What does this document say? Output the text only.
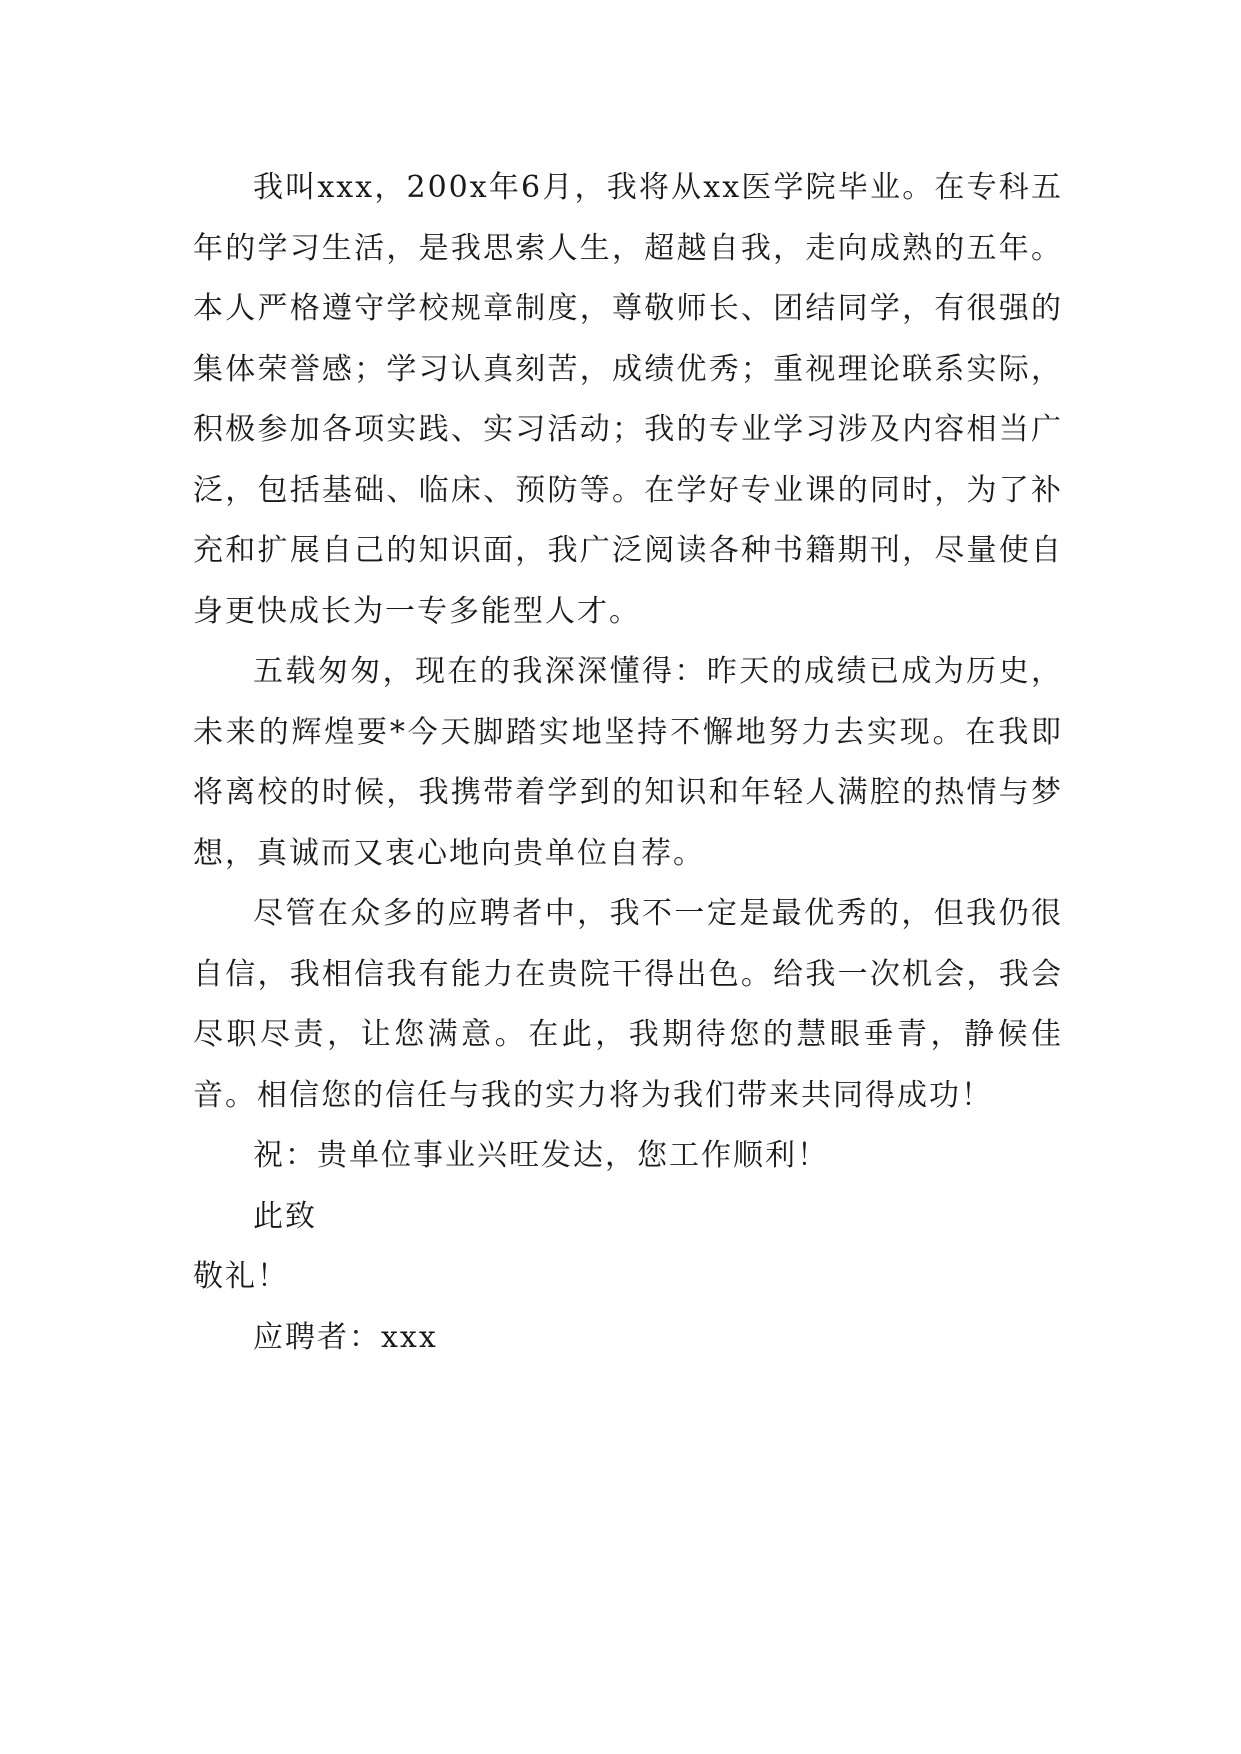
我叫xxx，200x年6月，我将从xx医学院毕业。在专科五年的学习生活，是我思索人生，超越自我，走向成熟的五年。本人严格遵守学校规章制度，尊敬师长、团结同学，有很强的集体荣誉感；学习认真刻苦，成绩优秀；重视理论联系实际，积极参加各项实践、实习活动；我的专业学习涉及内容相当广泛，包括基础、临床、预防等。在学好专业课的同时，为了补充和扩展自己的知识面，我广泛阅读各种书籍期刊，尽量使自身更快成长为一专多能型人才。

五载匆匆，现在的我深深懂得：昨天的成绩已成为历史，未来的辉煌要*今天脚踏实地坚持不懈地努力去实现。在我即将离校的时候，我携带着学到的知识和年轻人满腔的热情与梦想，真诚而又衷心地向贵单位自荐。

尽管在众多的应聘者中，我不一定是最优秀的，但我仍很自信，我相信我有能力在贵院干得出色。给我一次机会，我会尽职尽责，让您满意。在此，我期待您的慧眼垂青，静候佳音。相信您的信任与我的实力将为我们带来共同得成功！

祝：贵单位事业兴旺发达，您工作顺利！

此致

敬礼！

应聘者：xxx
